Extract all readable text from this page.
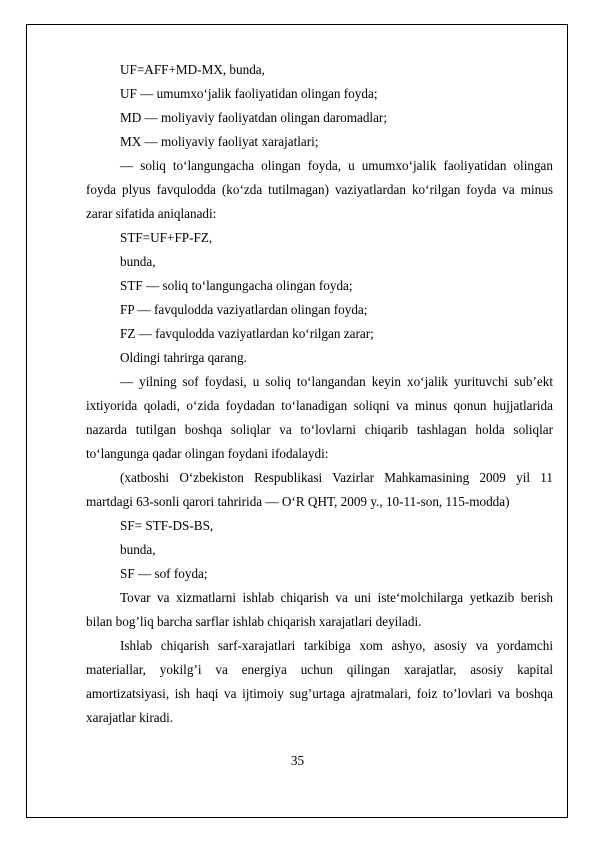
UF=AFF+MD-MX, bunda,

UF — umumxo‘jalik faoliyatidan olingan foyda;

MD — moliyaviy faoliyatdan olingan daromadlar;

MX — moliyaviy faoliyat xarajatlari;

— soliq to‘langungacha olingan foyda, u umumxo‘jalik faoliyatidan olingan foyda plyus favqulodda (ko‘zda tutilmagan) vaziyatlardan ko‘rilgan foyda va minus zarar sifatida aniqlanadi:

STF=UF+FP-FZ,

bunda,

STF — soliq to‘langungacha olingan foyda;

FP — favqulodda vaziyatlardan olingan foyda;

FZ — favqulodda vaziyatlardan ko‘rilgan zarar;

Oldingi tahrirga qarang.

— yilning sof foydasi, u soliq to‘langandan keyin xo‘jalik yurituvchi sub’ekt ixtiyorida qoladi, o‘zida foydadan to‘lanadigan soliqni va minus qonun hujjatlarida nazarda tutilgan boshqa soliqlar va to‘lovlarni chiqarib tashlagan holda soliqlar to‘langunga qadar olingan foydani ifodalaydi:

(xatboshi O‘zbekiston Respublikasi Vazirlar Mahkamasining 2009 yil 11 martdagi 63-sonli qarori tahririda — O‘R QHT, 2009 y., 10-11-son, 115-modda)

SF= STF-DS-BS,

bunda,

SF — sof foyda;

Tovar va xizmatlarni ishlab chiqarish va uni iste‘molchilarga yetkazib berish bilan bog’liq barcha sarflar ishlab chiqarish xarajatlari deyiladi.

Ishlab chiqarish sarf-xarajatlari tarkibiga xom ashyo, asosiy va yordamchi materiallar, yokilg’i va energiya uchun qilingan xarajatlar, asosiy kapital amortizatsiyasi, ish haqi va ijtimoiy sug’urtaga ajratmalari, foiz to’lovlari va boshqa xarajatlar kiradi.

35
